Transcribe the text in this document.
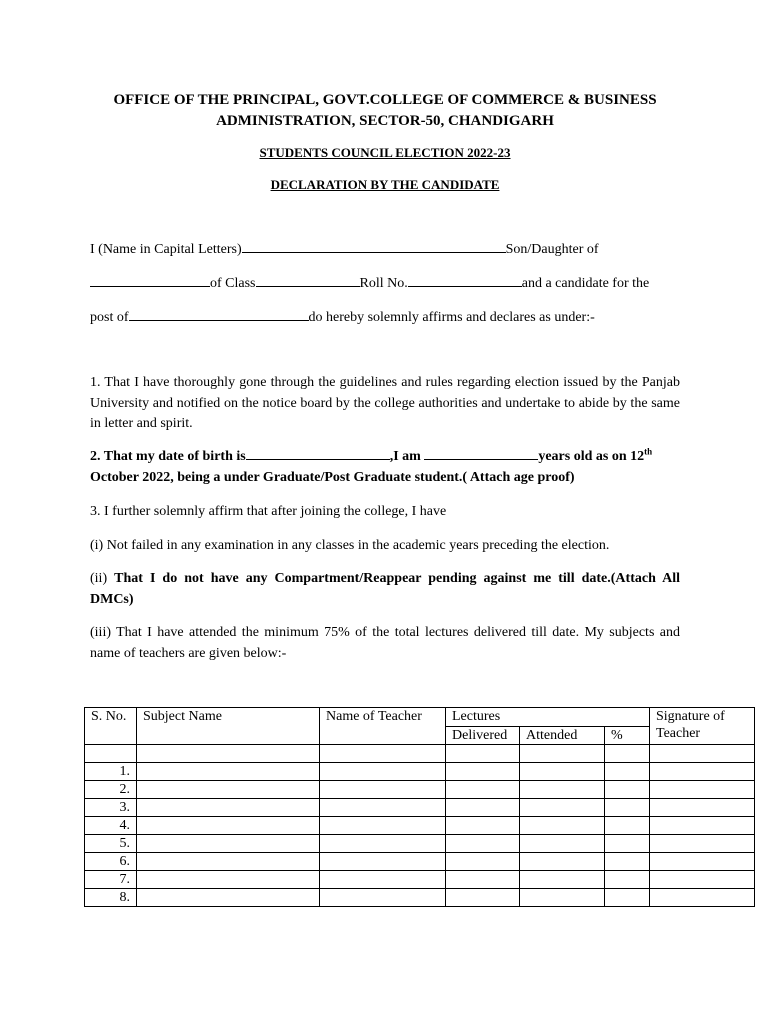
OFFICE OF THE PRINCIPAL, GOVT.COLLEGE OF COMMERCE & BUSINESS
ADMINISTRATION, SECTOR-50, CHANDIGARH
STUDENTS COUNCIL ELECTION 2022-23
DECLARATION BY THE CANDIDATE
I (Name in Capital Letters)	Son/Daughter of
of Class	Roll No.	and a candidate for the
post of	do hereby solemnly affirms and declares as under:-
1. That I have thoroughly gone through the guidelines and rules regarding election issued by the Panjab University and notified on the notice board by the college authorities and undertake to abide by the same in letter and spirit.
2. That my date of birth is	,I am	years old as on 12th
October 2022, being a under Graduate/Post Graduate student.( Attach age proof)
3. I further solemnly affirm that after joining the college, I have
(i) Not failed in any examination in any classes in the academic years preceding the election.
(ii) That I do not have any Compartment/Reappear pending against me till date.(Attach All DMCs)
(iii) That I have attended the minimum 75% of the total lectures delivered till date. My subjects and name of teachers are given below:-
S. No.	Subject Name	Name of Teacher	Lectures			Signature of Teacher
			Delivered	Attended	%	

1.						
2.						
3.						
4.						
5.						
6.						
7.						
8.						
